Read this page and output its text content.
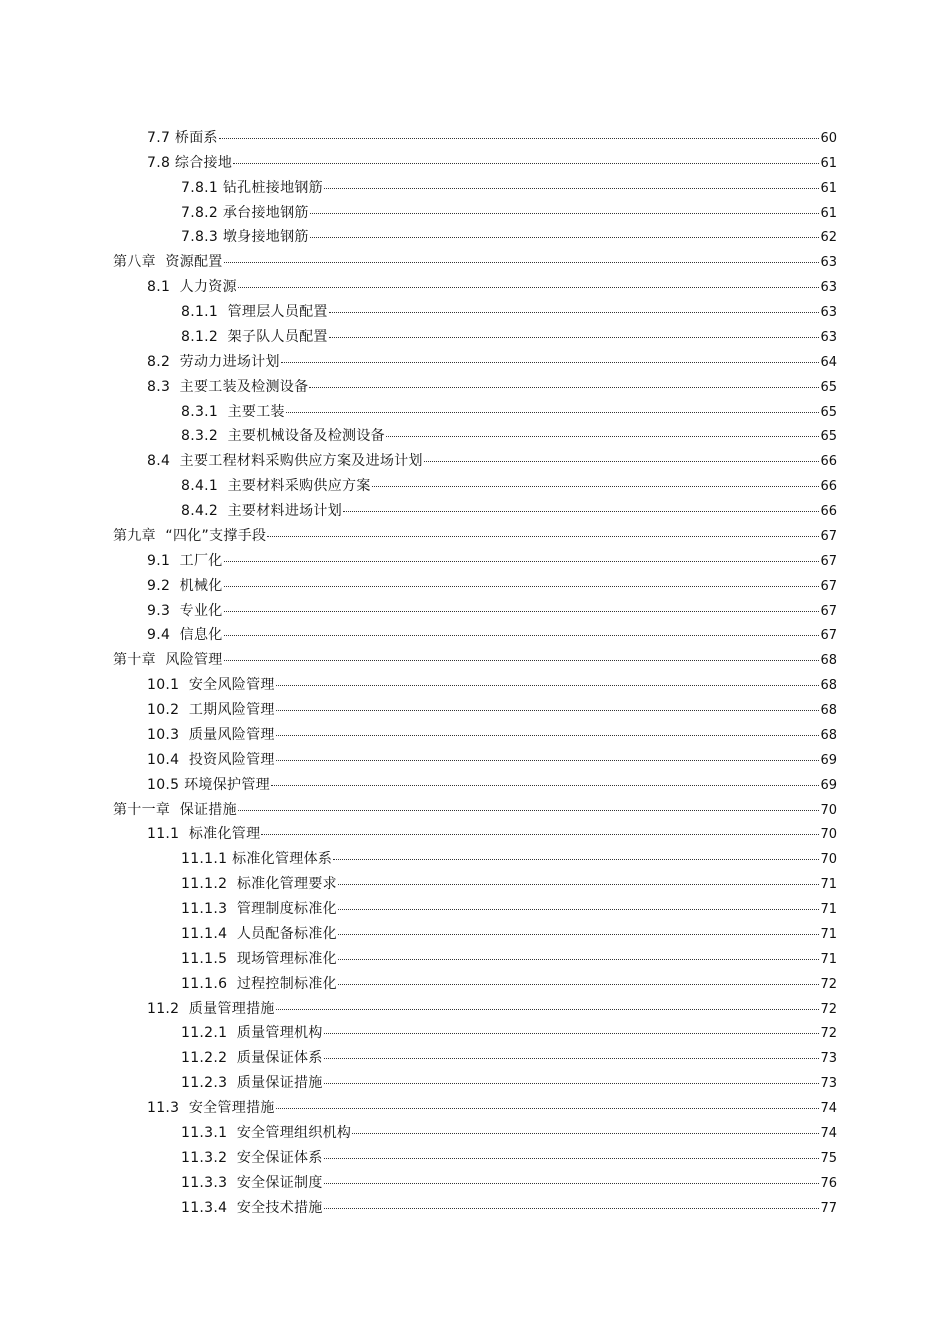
7.7 桥面系	60
7.8 综合接地	61
7.8.1 钻孔桩接地钢筋	61
7.8.2 承台接地钢筋	61
7.8.3 墩身接地钢筋	62
第八章  资源配置	63
8.1  人力资源	63
8.1.1  管理层人员配置	63
8.1.2  架子队人员配置	63
8.2  劳动力进场计划	64
8.3  主要工装及检测设备	65
8.3.1  主要工装	65
8.3.2  主要机械设备及检测设备	65
8.4  主要工程材料采购供应方案及进场计划	66
8.4.1  主要材料采购供应方案	66
8.4.2  主要材料进场计划	66
第九章  “四化”支撑手段	67
9.1  工厂化	67
9.2  机械化	67
9.3  专业化	67
9.4  信息化	67
第十章  风险管理	68
10.1  安全风险管理	68
10.2  工期风险管理	68
10.3  质量风险管理	68
10.4  投资风险管理	69
10.5 环境保护管理	69
第十一章  保证措施	70
11.1  标准化管理	70
11.1.1 标准化管理体系	70
11.1.2  标准化管理要求	71
11.1.3  管理制度标准化	71
11.1.4  人员配备标准化	71
11.1.5  现场管理标准化	71
11.1.6  过程控制标准化	72
11.2  质量管理措施	72
11.2.1  质量管理机构	72
11.2.2  质量保证体系	73
11.2.3  质量保证措施	73
11.3  安全管理措施	74
11.3.1  安全管理组织机构	74
11.3.2  安全保证体系	75
11.3.3  安全保证制度	76
11.3.4  安全技术措施	77
